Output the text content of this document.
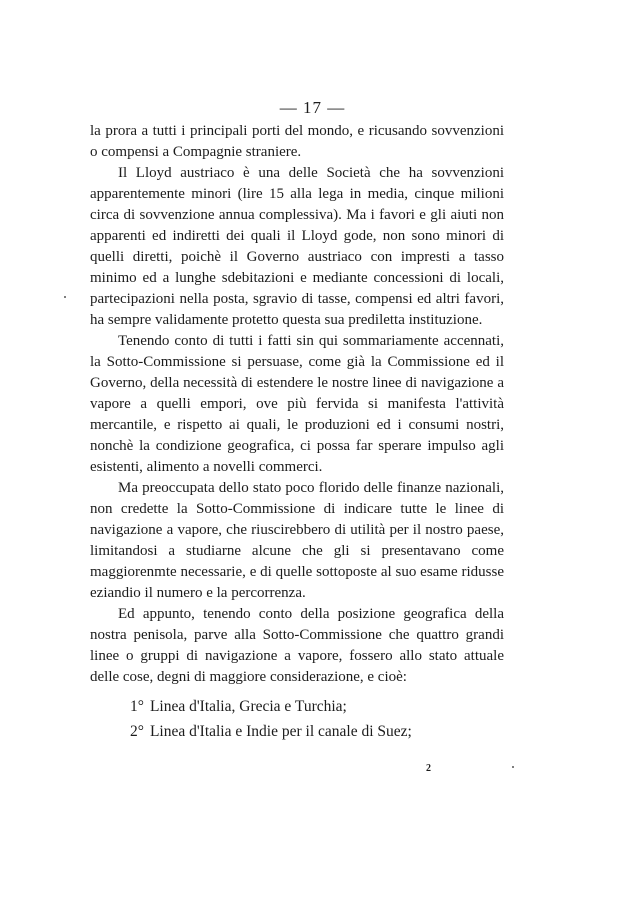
— 17 —

la prora a tutti i principali porti del mondo, e ricusando sovvenzioni o compensi a Compagnie straniere.

Il Lloyd austriaco è una delle Società che ha sovvenzioni apparentemente minori (lire 15 alla lega in media, cinque milioni circa di sovvenzione annua complessiva). Ma i favori e gli aiuti non apparenti ed indiretti dei quali il Lloyd gode, non sono minori di quelli diretti, poichè il Governo austriaco con impresti a tasso minimo ed a lunghe sdebitazioni e mediante concessioni di locali, partecipazioni nella posta, sgravio di tasse, compensi ed altri favori, ha sempre validamente protetto questa sua prediletta instituzione.

Tenendo conto di tutti i fatti sin qui sommariamente accennati, la Sotto-Commissione si persuase, come già la Commissione ed il Governo, della necessità di estendere le nostre linee di navigazione a vapore a quelli empori, ove più fervida si manifesta l'attività mercantile, e rispetto ai quali, le produzioni ed i consumi nostri, nonchè la condizione geografica, ci possa far sperare impulso agli esistenti, alimento a novelli commerci.

Ma preoccupata dello stato poco florido delle finanze nazionali, non credette la Sotto-Commissione di indicare tutte le linee di navigazione a vapore, che riuscirebbero di utilità per il nostro paese, limitandosi a studiarne alcune che gli si presentavano come maggiorenmte necessarie, e di quelle sottoposte al suo esame ridusse eziandio il numero e la percorrenza.

Ed appunto, tenendo conto della posizione geografica della nostra penisola, parve alla Sotto-Commissione che quattro grandi linee o gruppi di navigazione a vapore, fossero allo stato attuale delle cose, degni di maggiore considerazione, e cioè:

1° Linea d'Italia, Grecia e Turchia;

2° Linea d'Italia e Indie per il canale di Suez;

2
